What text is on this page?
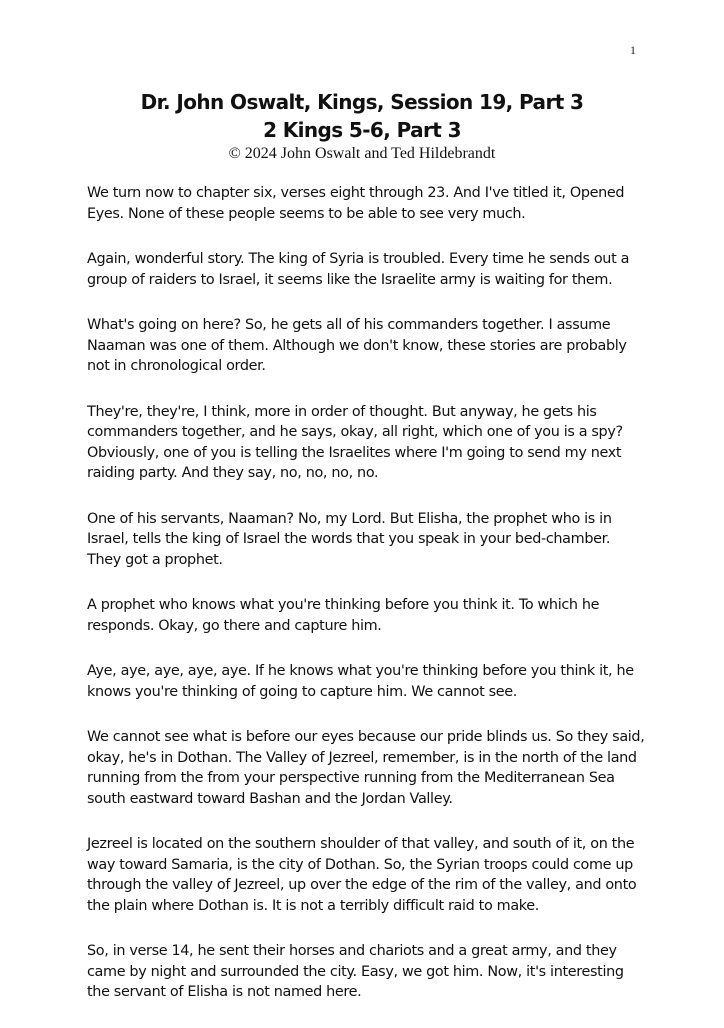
1
Dr. John Oswalt, Kings, Session 19, Part 3
2 Kings 5-6, Part 3
© 2024 John Oswalt and Ted Hildebrandt

We turn now to chapter six, verses eight through 23. And I've titled it, Opened Eyes. None of these people seems to be able to see very much.

Again, wonderful story. The king of Syria is troubled. Every time he sends out a group of raiders to Israel, it seems like the Israelite army is waiting for them.

What's going on here? So, he gets all of his commanders together. I assume Naaman was one of them. Although we don't know, these stories are probably not in chronological order.

They're, they're, I think, more in order of thought. But anyway, he gets his commanders together, and he says, okay, all right, which one of you is a spy? Obviously, one of you is telling the Israelites where I'm going to send my next raiding party. And they say, no, no, no, no.

One of his servants, Naaman? No, my Lord. But Elisha, the prophet who is in Israel, tells the king of Israel the words that you speak in your bed-chamber. They got a prophet.

A prophet who knows what you're thinking before you think it. To which he responds. Okay, go there and capture him.

Aye, aye, aye, aye, aye. If he knows what you're thinking before you think it, he knows you're thinking of going to capture him. We cannot see.

We cannot see what is before our eyes because our pride blinds us. So they said, okay, he's in Dothan. The Valley of Jezreel, remember, is in the north of the land running from the from your perspective running from the Mediterranean Sea south eastward toward Bashan and the Jordan Valley.

Jezreel is located on the southern shoulder of that valley, and south of it, on the way toward Samaria, is the city of Dothan. So, the Syrian troops could come up through the valley of Jezreel, up over the edge of the rim of the valley, and onto the plain where Dothan is. It is not a terribly difficult raid to make.

So, in verse 14, he sent their horses and chariots and a great army, and they came by night and surrounded the city. Easy, we got him. Now, it's interesting the servant of Elisha is not named here.
